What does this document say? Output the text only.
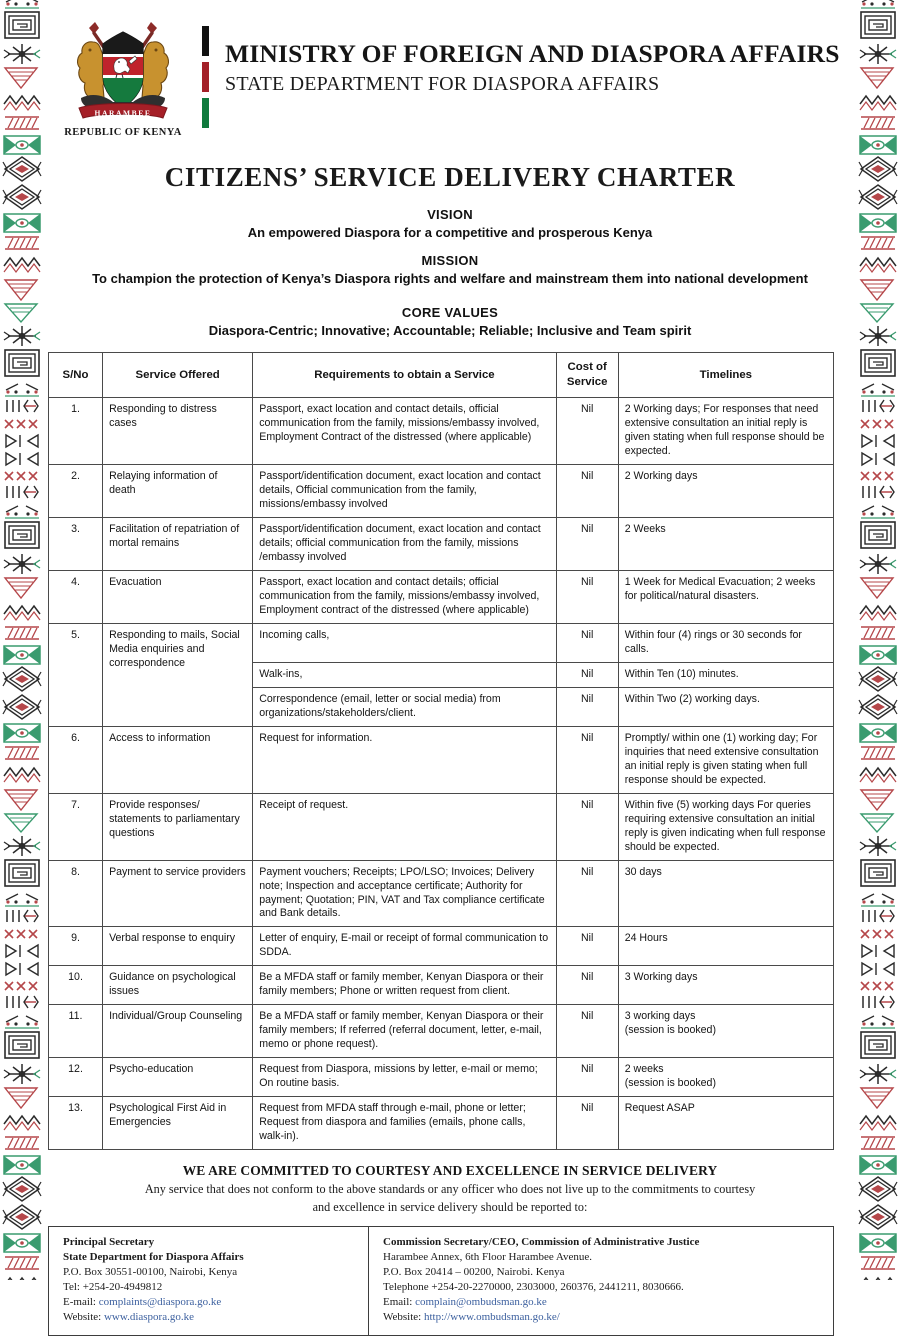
HARAMBEE
REPUBLIC OF KENYA
MINISTRY OF FOREIGN AND DIASPORA AFFAIRS
STATE DEPARTMENT FOR DIASPORA AFFAIRS
CITIZENS’ SERVICE DELIVERY CHARTER
VISION
An empowered Diaspora for a competitive and prosperous Kenya
MISSION
To champion the protection of Kenya’s Diaspora rights and welfare and mainstream them into national development
CORE VALUES
Diaspora-Centric; Innovative; Accountable; Reliable; Inclusive and Team spirit
S/No	Service Offered	Requirements to obtain a Service	Cost of Service	Timelines
1.	Responding to distress cases	Passport, exact location and contact details, official communication from the family, missions/embassy involved, Employment Contract of the distressed (where applicable)	Nil	2 Working days; For responses that need extensive consultation an initial reply is given stating when full response should be expected.
2.	Relaying information of death	Passport/identification document, exact location and contact details, Official communication from the family, missions/embassy involved	Nil	2 Working days
3.	Facilitation of repatriation of mortal remains	Passport/identification document, exact location and contact details; official communication from the family, missions /embassy involved	Nil	2 Weeks
4.	Evacuation	Passport, exact location and contact details; official communication from the family, missions/embassy involved, Employment contract of the distressed (where applicable)	Nil	1 Week for Medical Evacuation; 2 weeks for political/natural disasters.
5.	Responding to mails, Social Media enquiries and correspondence	Incoming calls,	Nil	Within four (4) rings or 30 seconds for calls.
		Walk-ins,	Nil	Within Ten (10) minutes.
		Correspondence (email, letter or social media) from organizations/stakeholders/client.	Nil	Within Two (2) working days.
6.	Access to information	Request for information.	Nil	Promptly/ within one (1) working day; For inquiries that need extensive consultation an initial reply is given stating when full response should be expected.
7.	Provide responses/ statements to parliamentary questions	Receipt of request.	Nil	Within five (5) working days For queries requiring extensive consultation an initial reply is given indicating when full response should be expected.
8.	Payment to service providers	Payment vouchers; Receipts; LPO/LSO; Invoices; Delivery note; Inspection and acceptance certificate; Authority for payment; Quotation; PIN, VAT and Tax compliance certificate and Bank details.	Nil	30 days
9.	Verbal response to enquiry	Letter of enquiry, E-mail or receipt of formal communication to SDDA.	Nil	24 Hours
10.	Guidance on psychological issues	Be a MFDA staff or family member, Kenyan Diaspora or their family members; Phone or written request from client.	Nil	3 Working days
11.	Individual/Group Counseling	Be a MFDA staff or family member, Kenyan Diaspora or their family members; If referred (referral document, letter, e-mail, memo or phone request).	Nil	3 working days
(session is booked)
12.	Psycho-education	Request from Diaspora, missions by letter, e-mail or memo; On routine basis.	Nil	2 weeks
(session is booked)
13.	Psychological First Aid in Emergencies	Request from MFDA staff through e-mail, phone or letter; Request from diaspora and families (emails, phone calls, walk-in).	Nil	Request ASAP
WE ARE COMMITTED TO COURTESY AND EXCELLENCE IN SERVICE DELIVERY
Any service that does not conform to the above standards or any officer who does not live up to the commitments to courtesy
and excellence in service delivery should be reported to:
Principal Secretary
State Department for Diaspora Affairs
P.O. Box 30551-00100, Nairobi, Kenya
Tel: +254-20-4949812
E-mail: complaints@diaspora.go.ke
Website: www.diaspora.go.ke
Commission Secretary/CEO, Commission of Administrative Justice
Harambee Annex, 6th Floor Harambee Avenue.
P.O. Box 20414 – 00200, Nairobi. Kenya
Telephone +254-20-2270000, 2303000, 260376, 2441211, 8030666.
Email: complain@ombudsman.go.ke
Website: http://www.ombudsman.go.ke/
